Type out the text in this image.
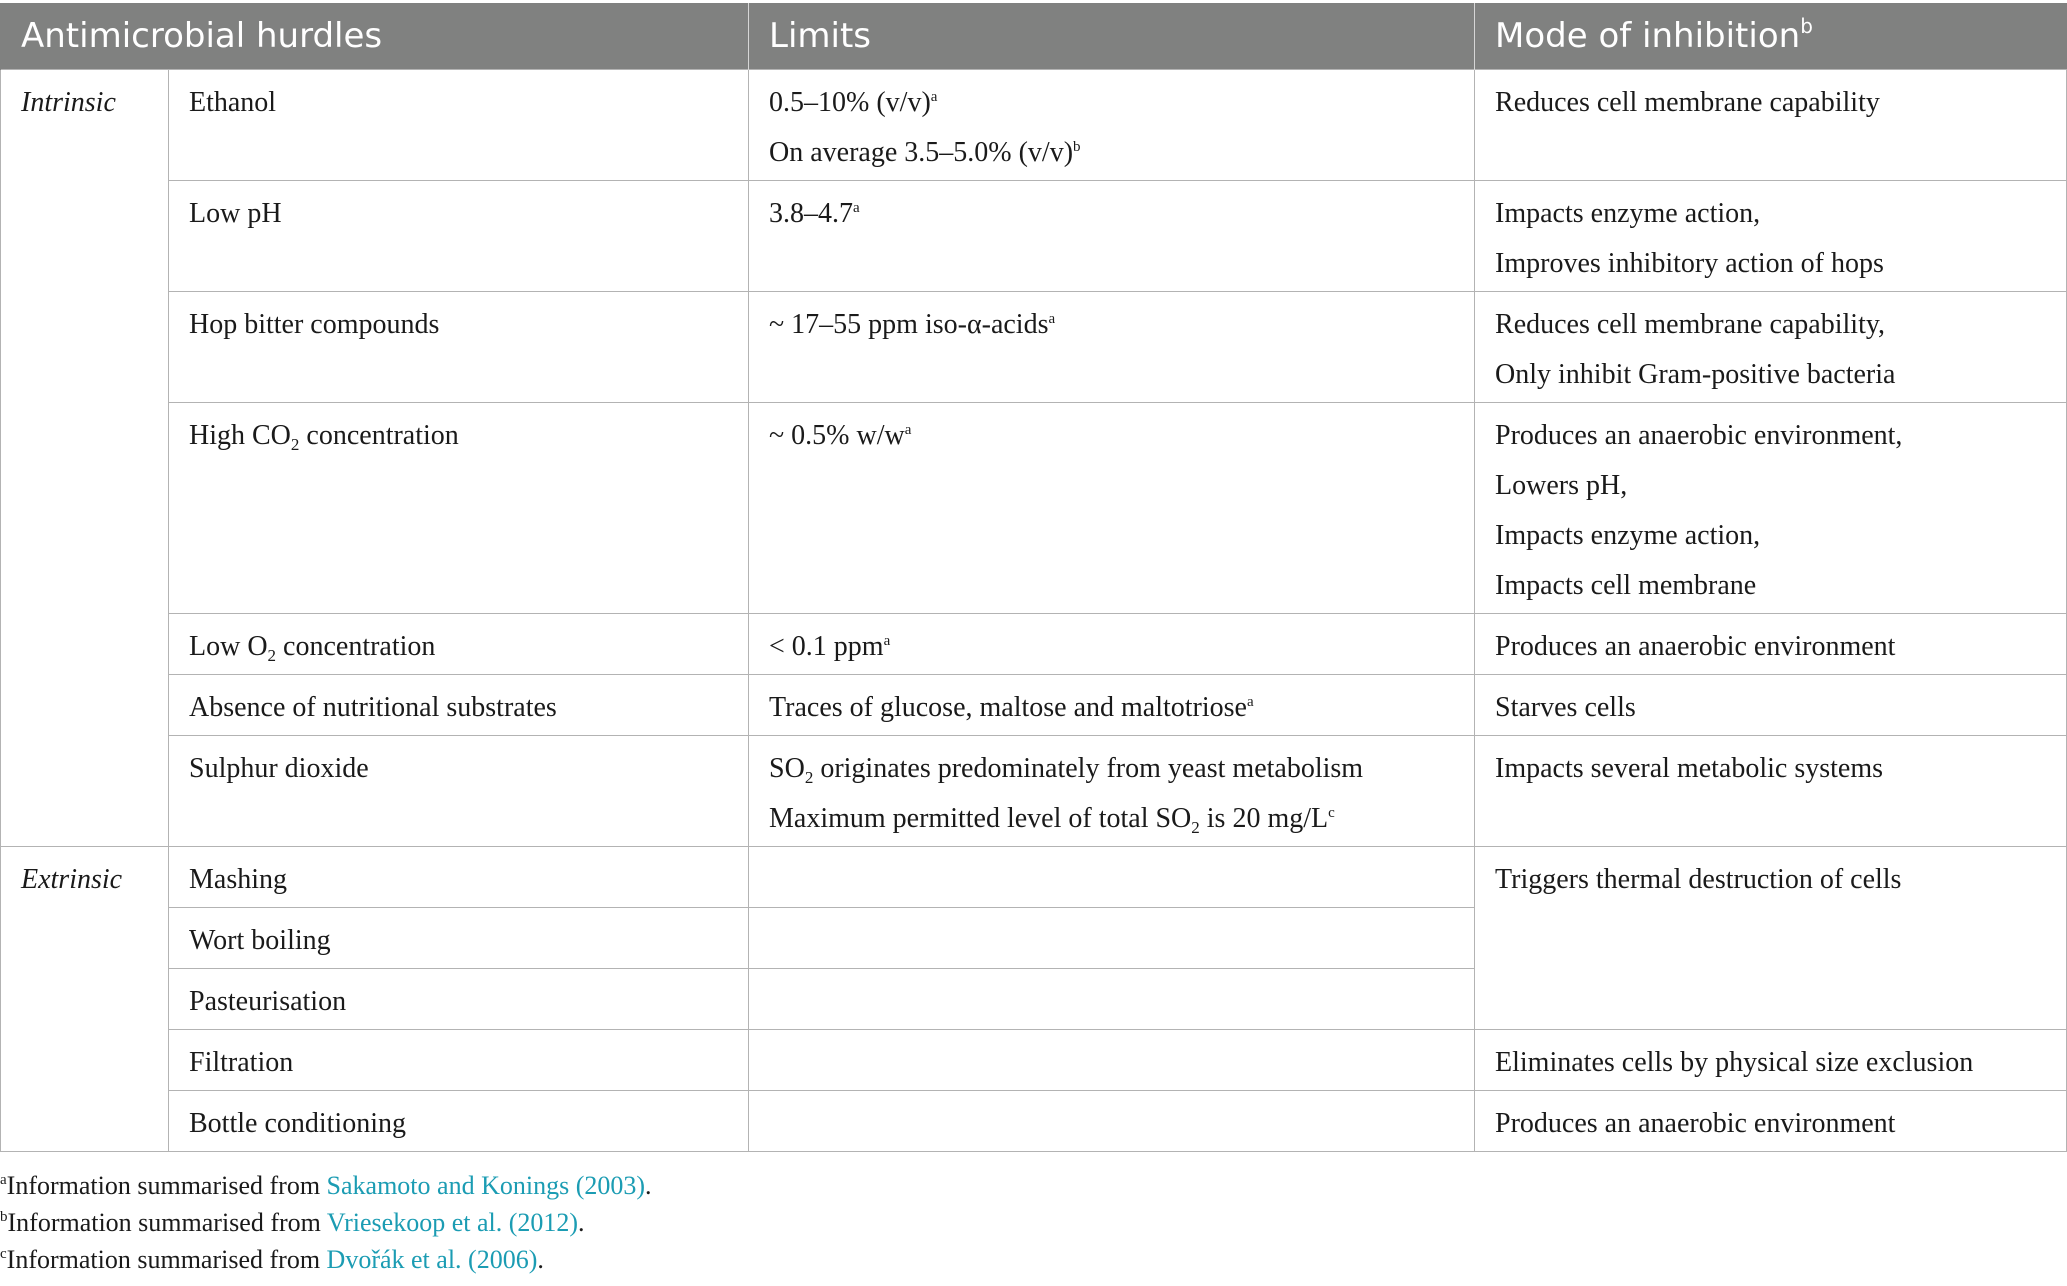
Antimicrobial hurdles		Limits	Mode of inhibition$^b$
Intrinsic	Ethanol	0.5–10% $(v/v)^a$
On average 3.5–5.0% $(v/v)^b$	Reduces cell membrane capability

	Low pH	3.8–4.7$^a$	Impacts enzyme action,
Improves inhibitory action of hops

	Hop bitter compounds	~ 17–55 ppm iso-α-acids$^a$	Reduces cell membrane capability,
Only inhibit Gram-positive bacteria

	High $CO_2$ concentration	~ 0.5% $w/w^a$	Produces an anaerobic environment,
Lowers pH,
Impacts enzyme action,
Impacts cell membrane

	Low $O_2$ concentration	< 0.1 ppm$^a$	Produces an anaerobic environment
	Absence of nutritional substrates	Traces of glucose, maltose and maltotriose$^a$	Starves cells
	Sulphur dioxide	$SO_2$ originates predominately from yeast metabolism
Maximum permitted level of total $SO_2$ is 20 $mg/L^c$	Impacts several metabolic systems
Extrinsic	Mashing		Triggers thermal destruction of cells
	Wort boiling		
	Pasteurisation		
	Filtration		Eliminates cells by physical size exclusion
	Bottle conditioning		Produces an anaerobic environment
$^a$Information summarised from Sakamoto and Konings (2003).
$^b$Information summarised from Vriesekoop et al. (2012).
$^c$Information summarised from Dvořák et al. (2006).
